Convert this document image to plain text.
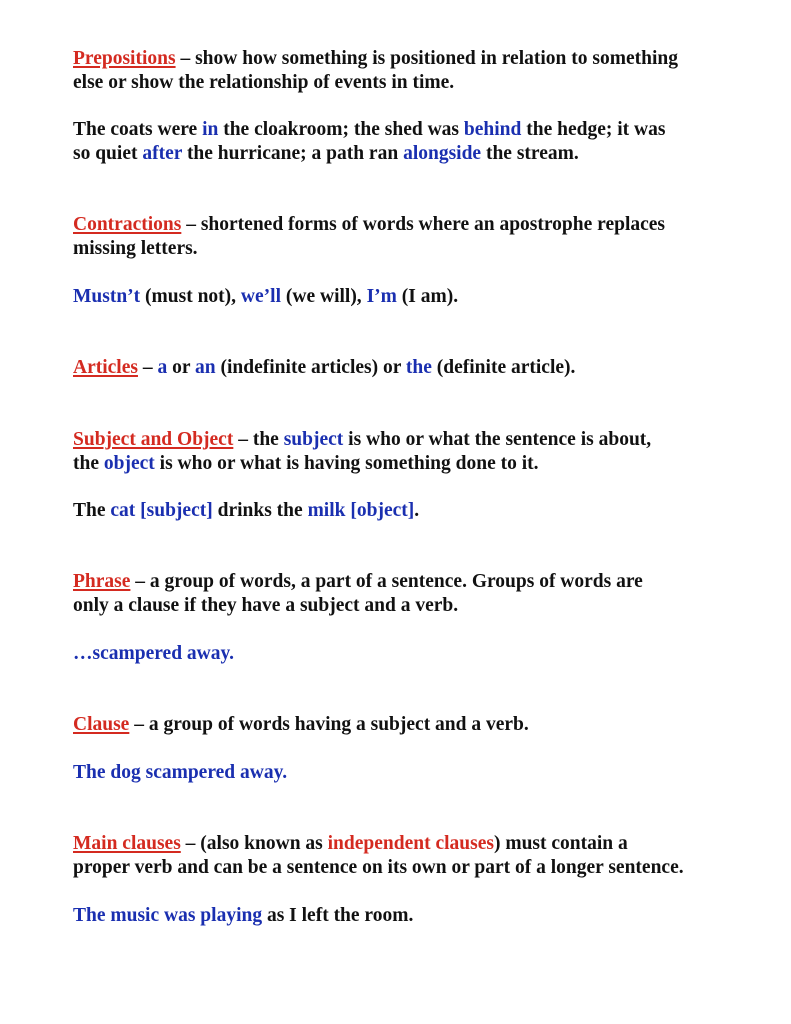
Prepositions – show how something is positioned in relation to something
else or show the relationship of events in time.

The coats were in the cloakroom; the shed was behind the hedge; it was
so quiet after the hurricane; a path ran alongside the stream.

Contractions – shortened forms of words where an apostrophe replaces
missing letters.

Mustn’t (must not), we’ll (we will), I’m (I am).

Articles – a or an (indefinite articles) or the (definite article).

Subject and Object – the subject is who or what the sentence is about,
the object is who or what is having something done to it.

The cat [subject] drinks the milk [object].

Phrase – a group of words, a part of a sentence. Groups of words are
only a clause if they have a subject and a verb.

…scampered away.

Clause – a group of words having a subject and a verb.

The dog scampered away.

Main clauses – (also known as independent clauses) must contain a
proper verb and can be a sentence on its own or part of a longer sentence.

The music was playing as I left the room.
